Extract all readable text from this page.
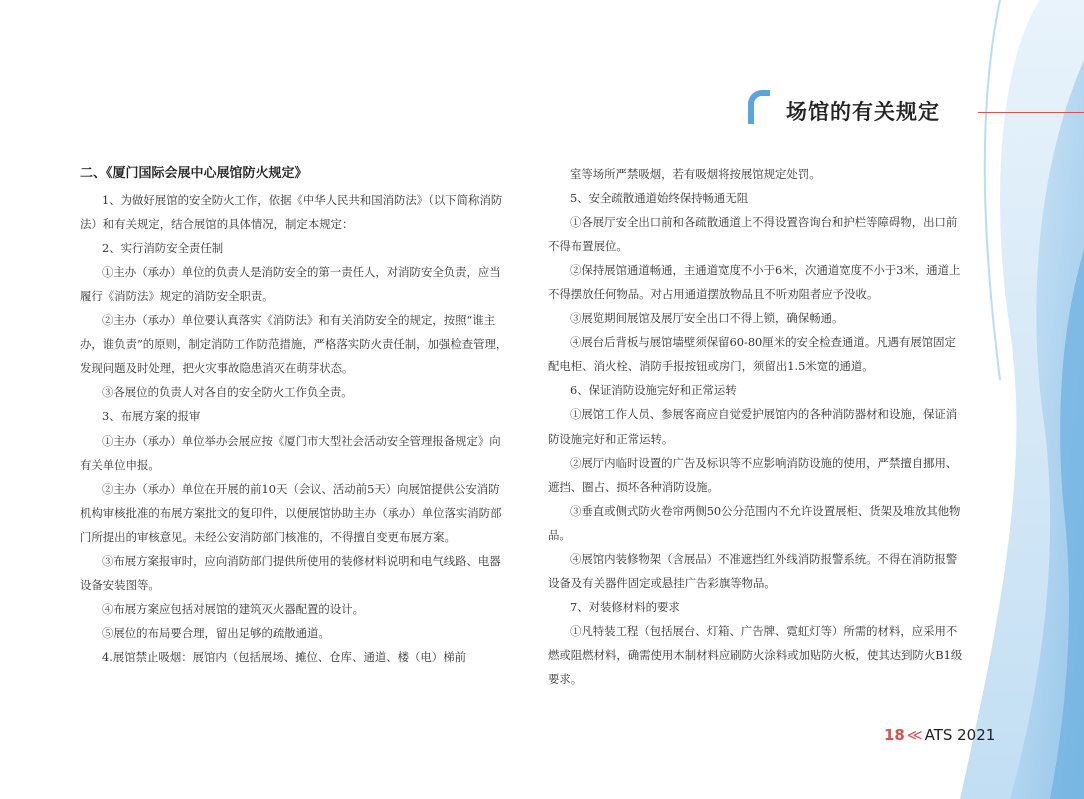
场馆的有关规定

二、《厦门国际会展中心展馆防火规定》

1、为做好展馆的安全防火工作，依据《中华人民共和国消防法》（以下简称消防法）和有关规定，结合展馆的具体情况，制定本规定：

2、实行消防安全责任制

①主办（承办）单位的负责人是消防安全的第一责任人，对消防安全负责，应当履行《消防法》规定的消防安全职责。

②主办（承办）单位要认真落实《消防法》和有关消防安全的规定，按照“谁主办，谁负责”的原则，制定消防工作防范措施，严格落实防火责任制，加强检查管理，发现问题及时处理，把火灾事故隐患消灭在萌芽状态。

③各展位的负责人对各自的安全防火工作负全责。

3、布展方案的报审

①主办（承办）单位举办会展应按《厦门市大型社会活动安全管理报备规定》向有关单位申报。

②主办（承办）单位在开展的前10天（会议、活动前5天）向展馆提供公安消防机构审核批准的布展方案批文的复印件，以便展馆协助主办（承办）单位落实消防部门所提出的审核意见。未经公安消防部门核准的，不得擅自变更布展方案。

③布展方案报审时，应向消防部门提供所使用的装修材料说明和电气线路、电器设备安装图等。

④布展方案应包括对展馆的建筑灭火器配置的设计。

⑤展位的布局要合理，留出足够的疏散通道。

4.展馆禁止吸烟：展馆内（包括展场、摊位、仓库、通道、楼（电）梯前

室等场所严禁吸烟，若有吸烟将按展馆规定处罚。

5、安全疏散通道始终保持畅通无阻

①各展厅安全出口前和各疏散通道上不得设置咨询台和护栏等障碍物，出口前不得布置展位。

②保持展馆通道畅通，主通道宽度不小于6米，次通道宽度不小于3米，通道上不得摆放任何物品。对占用通道摆放物品且不听劝阻者应予没收。

③展览期间展馆及展厅安全出口不得上锁，确保畅通。

④展台后背板与展馆墙壁须保留60-80厘米的安全检查通道。凡遇有展馆固定配电柜、消火栓、消防手报按钮或房门，须留出1.5米宽的通道。

6、保证消防设施完好和正常运转

①展馆工作人员、参展客商应自觉爱护展馆内的各种消防器材和设施，保证消防设施完好和正常运转。

②展厅内临时设置的广告及标识等不应影响消防设施的使用，严禁擅自挪用、遮挡、圈占、损坏各种消防设施。

③垂直或侧式防火卷帘两侧50公分范围内不允许设置展柜、货架及堆放其他物品。

④展馆内装修物架（含展品）不准遮挡红外线消防报警系统。不得在消防报警设备及有关器件固定或悬挂广告彩旗等物品。

7、对装修材料的要求

①凡特装工程（包括展台、灯箱、广告牌、霓虹灯等）所需的材料，应采用不燃或阻燃材料，确需使用木制材料应刷防火涂料或加贴防火板，使其达到防火B1级要求。

18 ≪ ATS 2021
